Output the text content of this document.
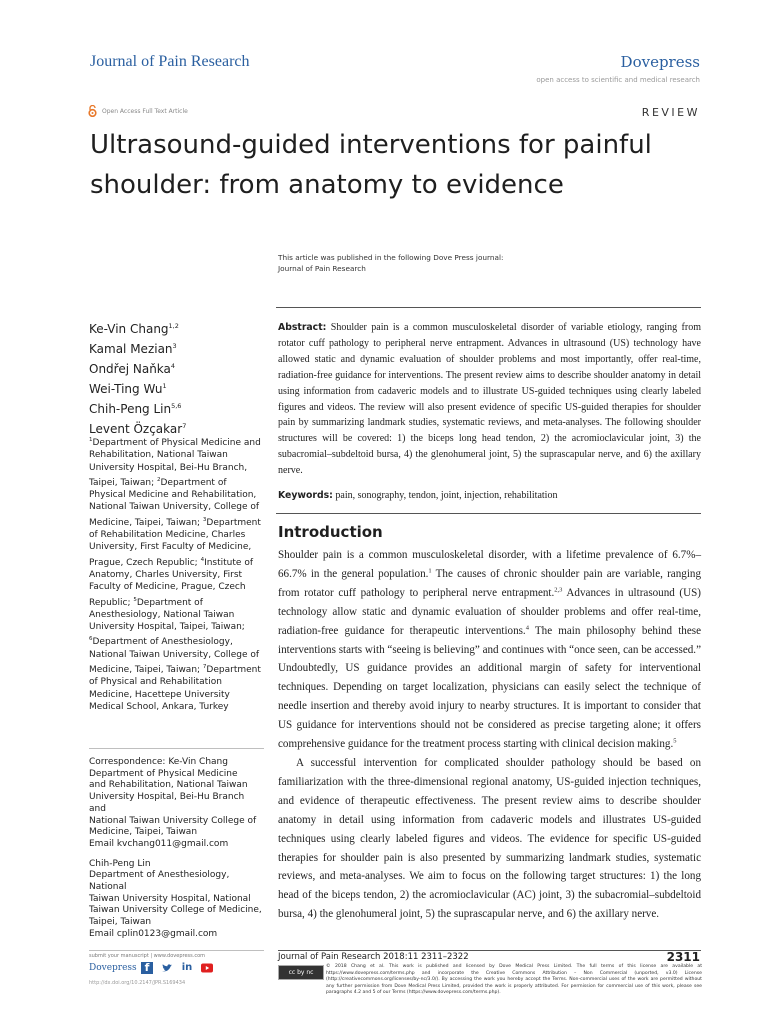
Journal of Pain Research	Dovepress
open access to scientific and medical research
Open Access Full Text Article	REVIEW
Ultrasound-guided interventions for painful shoulder: from anatomy to evidence
This article was published in the following Dove Press journal:
Journal of Pain Research
Ke-Vin Chang$^{1,2}$
Kamal Mezian$^3$
Ondřej Naňka$^4$
Wei-Ting Wu$^1$
Chih-Peng Lin$^{5,6}$
Levent Özçakar$^7$
$^1$Department of Physical Medicine and Rehabilitation, National Taiwan University Hospital, Bei-Hu Branch, Taipei, Taiwan; $^2$Department of Physical Medicine and Rehabilitation, National Taiwan University, College of Medicine, Taipei, Taiwan; $^3$Department of Rehabilitation Medicine, Charles University, First Faculty of Medicine, Prague, Czech Republic; $^4$Institute of Anatomy, Charles University, First Faculty of Medicine, Prague, Czech Republic; $^5$Department of Anesthesiology, National Taiwan University Hospital, Taipei, Taiwan; $^6$Department of Anesthesiology, National Taiwan University, College of Medicine, Taipei, Taiwan; $^7$Department of Physical and Rehabilitation Medicine, Hacettepe University Medical School, Ankara, Turkey

Correspondence: Ke-Vin Chang

Department of Physical Medicine

and Rehabilitation, National Taiwan

University Hospital, Bei-Hu Branch and

National Taiwan University College of

Medicine, Taipei, Taiwan

Email kvchang011@gmail.com

Chih-Peng Lin

Department of Anesthesiology, National

Taiwan University Hospital, National

Taiwan University College of Medicine,

Taipei, Taiwan

Email cplin0123@gmail.com

Abstract: Shoulder pain is a common musculoskeletal disorder of variable etiology, ranging from rotator cuff pathology to peripheral nerve entrapment. Advances in ultrasound (US) technology have allowed static and dynamic evaluation of shoulder problems and most importantly, offer real-time, radiation-free guidance for interventions. The present review aims to describe shoulder anatomy in detail using information from cadaveric models and to illustrate US-guided techniques using clearly labeled figures and videos. The review will also present evidence of specific US-guided therapies for shoulder pain by summarizing landmark studies, systematic reviews, and meta-analyses. The following shoulder structures will be covered: 1) the biceps long head tendon, 2) the acromioclavicular joint, 3) the subacromial–subdeltoid bursa, 4) the glenohumeral joint, 5) the suprascapular nerve, and 6) the axillary nerve.
Keywords: pain, sonography, tendon, joint, injection, rehabilitation
Introduction

Shoulder pain is a common musculoskeletal disorder, with a lifetime prevalence of 6.7%–66.7% in the general population.$^1$ The causes of chronic shoulder pain are variable, ranging from rotator cuff pathology to peripheral nerve entrapment.$^{2,3}$ Advances in ultrasound (US) technology allow static and dynamic evaluation of shoulder problems and offer real-time, radiation-free guidance for therapeutic interventions.$^4$ The main philosophy behind these interventions starts with “seeing is believing” and continues with “once seen, can be accessed.” Undoubtedly, US guidance provides an additional margin of safety for interventional techniques. Depending on target localization, physicians can easily select the technique of needle insertion and thereby avoid injury to nearby structures. It is important to consider that US guidance for interventions should not be considered as precise targeting alone; it offers comprehensive guidance for the treatment process starting with clinical decision making.$^5$

A successful intervention for complicated shoulder pathology should be based on familiarization with the three-dimensional regional anatomy, US-guided injection techniques, and evidence of therapeutic effectiveness. The present review aims to describe shoulder anatomy in detail using information from cadaveric models and illustrates US-guided techniques using clearly labeled figures and videos. The evidence for specific US-guided therapies for shoulder pain is also presented by summarizing landmark studies, systematic reviews, and meta-analyses. We aim to focus on the following target structures: 1) the long head of the biceps tendon, 2) the acromioclavicular (AC) joint, 3) the subacromial–subdeltoid bursa, 4) the glenohumeral joint, 5) the suprascapular nerve, and 6) the axillary nerve.

submit your manuscript | www.dovepress.com
Dovepress f	in
http://dx.doi.org/10.2147/JPR.S169434
Journal of Pain Research 2018:11 2311–2322	2311
cc by nc
© 2018 Chang et al. This work is published and licensed by Dove Medical Press Limited. The full terms of this license are available at https://www.dovepress.com/terms.php and incorporate the Creative Commons Attribution – Non Commercial (unported, v3.0) License (http://creativecommons.org/licenses/by-nc/3.0/). By accessing the work you hereby accept the Terms. Non-commercial uses of the work are permitted without any further permission from Dove Medical Press Limited, provided the work is properly attributed. For permission for commercial use of this work, please see paragraphs 4.2 and 5 of our Terms (https://www.dovepress.com/terms.php).
